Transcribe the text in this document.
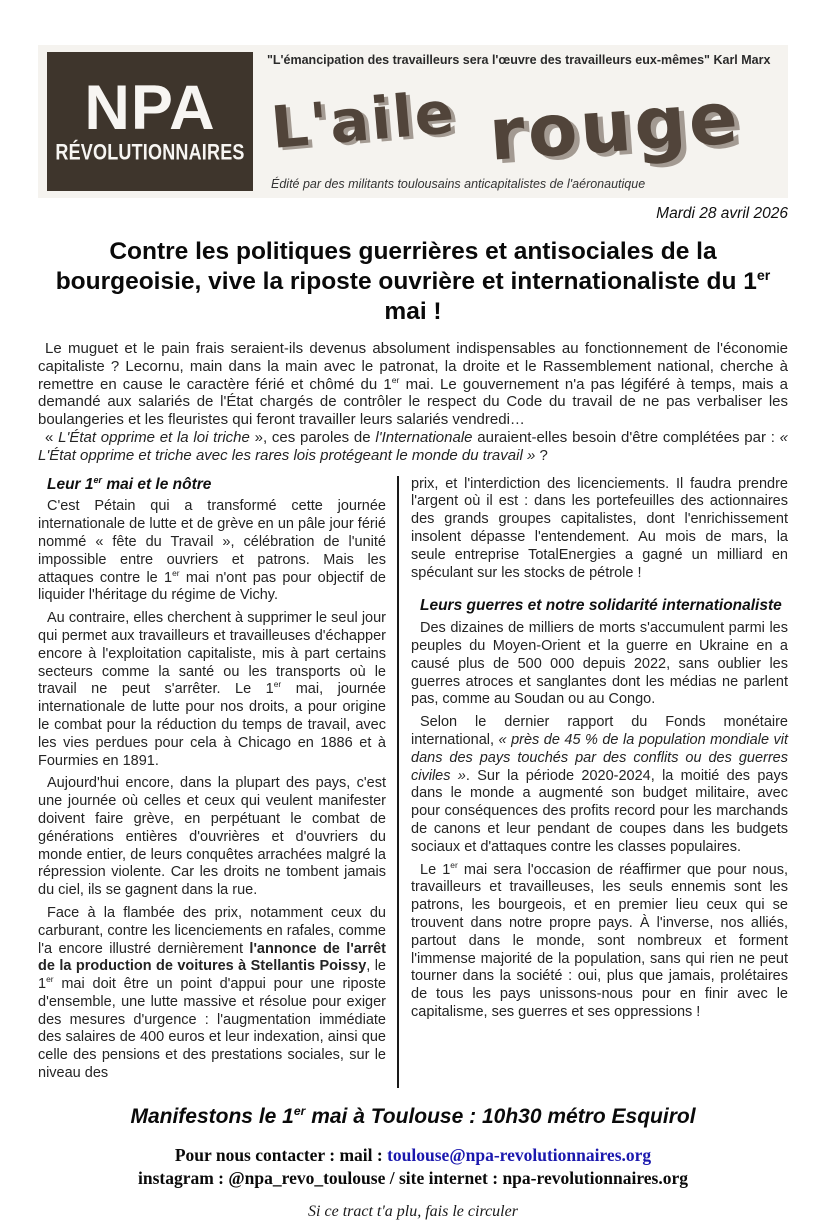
NPA
RÉVOLUTIONNAIRES
"L'émancipation des travailleurs sera l'œuvre des travailleurs eux-mêmes" Karl Marx
L'aile rouge
Édité par des militants toulousains anticapitalistes de l'aéronautique
Mardi 28 avril 2026
Contre les politiques guerrières et antisociales de la bourgeoisie, vive la riposte ouvrière et internationaliste du 1er mai !

Le muguet et le pain frais seraient-ils devenus absolument indispensables au fonctionnement de l'économie capitaliste ? Lecornu, main dans la main avec le patronat, la droite et le Rassemblement national, cherche à remettre en cause le caractère férié et chômé du 1er mai. Le gouvernement n'a pas légiféré à temps, mais a demandé aux salariés de l'État chargés de contrôler le respect du Code du travail de ne pas verbaliser les boulangeries et les fleuristes qui feront travailler leurs salariés vendredi…

« L'État opprime et la loi triche », ces paroles de l'Internationale auraient-elles besoin d'être complétées par : « L'État opprime et triche avec les rares lois protégeant le monde du travail » ?

Leur 1er mai et le nôtre

C'est Pétain qui a transformé cette journée internationale de lutte et de grève en un pâle jour férié nommé « fête du Travail », célébration de l'unité impossible entre ouvriers et patrons. Mais les attaques contre le 1er mai n'ont pas pour objectif de liquider l'héritage du régime de Vichy.

Au contraire, elles cherchent à supprimer le seul jour qui permet aux travailleurs et travailleuses d'échapper encore à l'exploitation capitaliste, mis à part certains secteurs comme la santé ou les transports où le travail ne peut s'arrêter. Le 1er mai, journée internationale de lutte pour nos droits, a pour origine le combat pour la réduction du temps de travail, avec les vies perdues pour cela à Chicago en 1886 et à Fourmies en 1891.

Aujourd'hui encore, dans la plupart des pays, c'est une journée où celles et ceux qui veulent manifester doivent faire grève, en perpétuant le combat de générations entières d'ouvrières et d'ouvriers du monde entier, de leurs conquêtes arrachées malgré la répression violente. Car les droits ne tombent jamais du ciel, ils se gagnent dans la rue.

Face à la flambée des prix, notamment ceux du carburant, contre les licenciements en rafales, comme l'a encore illustré dernièrement l'annonce de l'arrêt de la production de voitures à Stellantis Poissy, le 1er mai doit être un point d'appui pour une riposte d'ensemble, une lutte massive et résolue pour exiger des mesures d'urgence : l'augmentation immédiate des salaires de 400 euros et leur indexation, ainsi que celle des pensions et des prestations sociales, sur le niveau des

prix, et l'interdiction des licenciements. Il faudra prendre l'argent où il est : dans les portefeuilles des actionnaires des grands groupes capitalistes, dont l'enrichissement insolent dépasse l'entendement. Au mois de mars, la seule entreprise TotalEnergies a gagné un milliard en spéculant sur les stocks de pétrole !

Leurs guerres et notre solidarité internationaliste

Des dizaines de milliers de morts s'accumulent parmi les peuples du Moyen-Orient et la guerre en Ukraine en a causé plus de 500 000 depuis 2022, sans oublier les guerres atroces et sanglantes dont les médias ne parlent pas, comme au Soudan ou au Congo.

Selon le dernier rapport du Fonds monétaire international, « près de 45 % de la population mondiale vit dans des pays touchés par des conflits ou des guerres civiles ». Sur la période 2020-2024, la moitié des pays dans le monde a augmenté son budget militaire, avec pour conséquences des profits record pour les marchands de canons et leur pendant de coupes dans les budgets sociaux et d'attaques contre les classes populaires.

Le 1er mai sera l'occasion de réaffirmer que pour nous, travailleurs et travailleuses, les seuls ennemis sont les patrons, les bourgeois, et en premier lieu ceux qui se trouvent dans notre propre pays. À l'inverse, nos alliés, partout dans le monde, sont nombreux et forment l'immense majorité de la population, sans qui rien ne peut tourner dans la société : oui, plus que jamais, prolétaires de tous les pays unissons-nous pour en finir avec le capitalisme, ses guerres et ses oppressions !

Manifestons le 1er mai à Toulouse : 10h30 métro Esquirol
Pour nous contacter : mail : toulouse@npa-revolutionnaires.org
instagram : @npa_revo_toulouse / site internet : npa-revolutionnaires.org
Si ce tract t'a plu, fais le circuler
